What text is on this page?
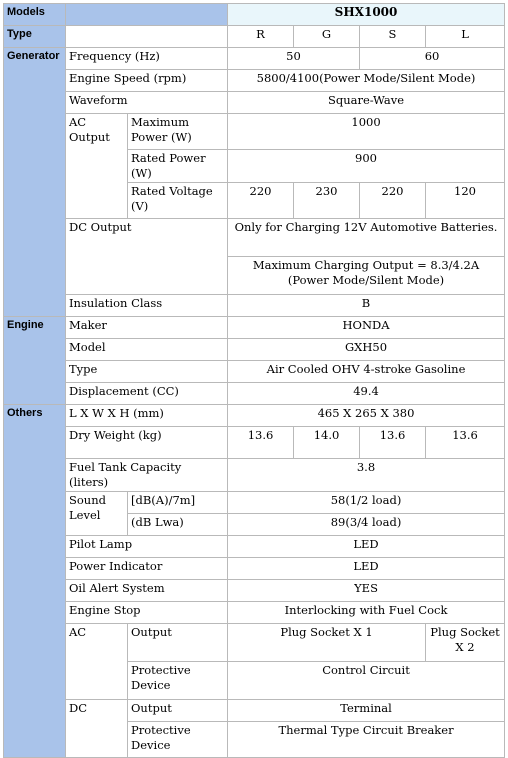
Models			SHX1000			
Type			R	G	S	L
Generator	Frequency (Hz)		50		60	
	Engine Speed (rpm)		5800/4100(Power Mode/Silent Mode)			
	Waveform		Square-Wave			
	AC Output	Maximum Power (W)	1000			
		Rated Power (W)	900			
		Rated Voltage (V)	220	230	220	120
	DC Output		Only for Charging 12V Automotive Batteries.			
			Maximum Charging Output = 8.3/4.2A (Power Mode/Silent Mode)			
	Insulation Class		B			
Engine	Maker		HONDA			
	Model		GXH50			
	Type		Air Cooled OHV 4-stroke Gasoline			
	Displacement (CC)		49.4			
Others	L X W X H (mm)		465 X 265 X 380			
	Dry Weight (kg)		13.6	14.0	13.6	13.6
	Fuel Tank Capacity (liters)		3.8			
	Sound Level	[dB(A)/7m]	58(1/2 load)			
		(dB Lwa)	89(3/4 load)			
	Pilot Lamp		LED			
	Power Indicator		LED			
	Oil Alert System		YES			
	Engine Stop		Interlocking with Fuel Cock			
	AC	Output	Plug Socket X 1			Plug Socket X 2
		Protective Device	Control Circuit			
	DC	Output	Terminal			
		Protective Device	Thermal Type Circuit Breaker			
